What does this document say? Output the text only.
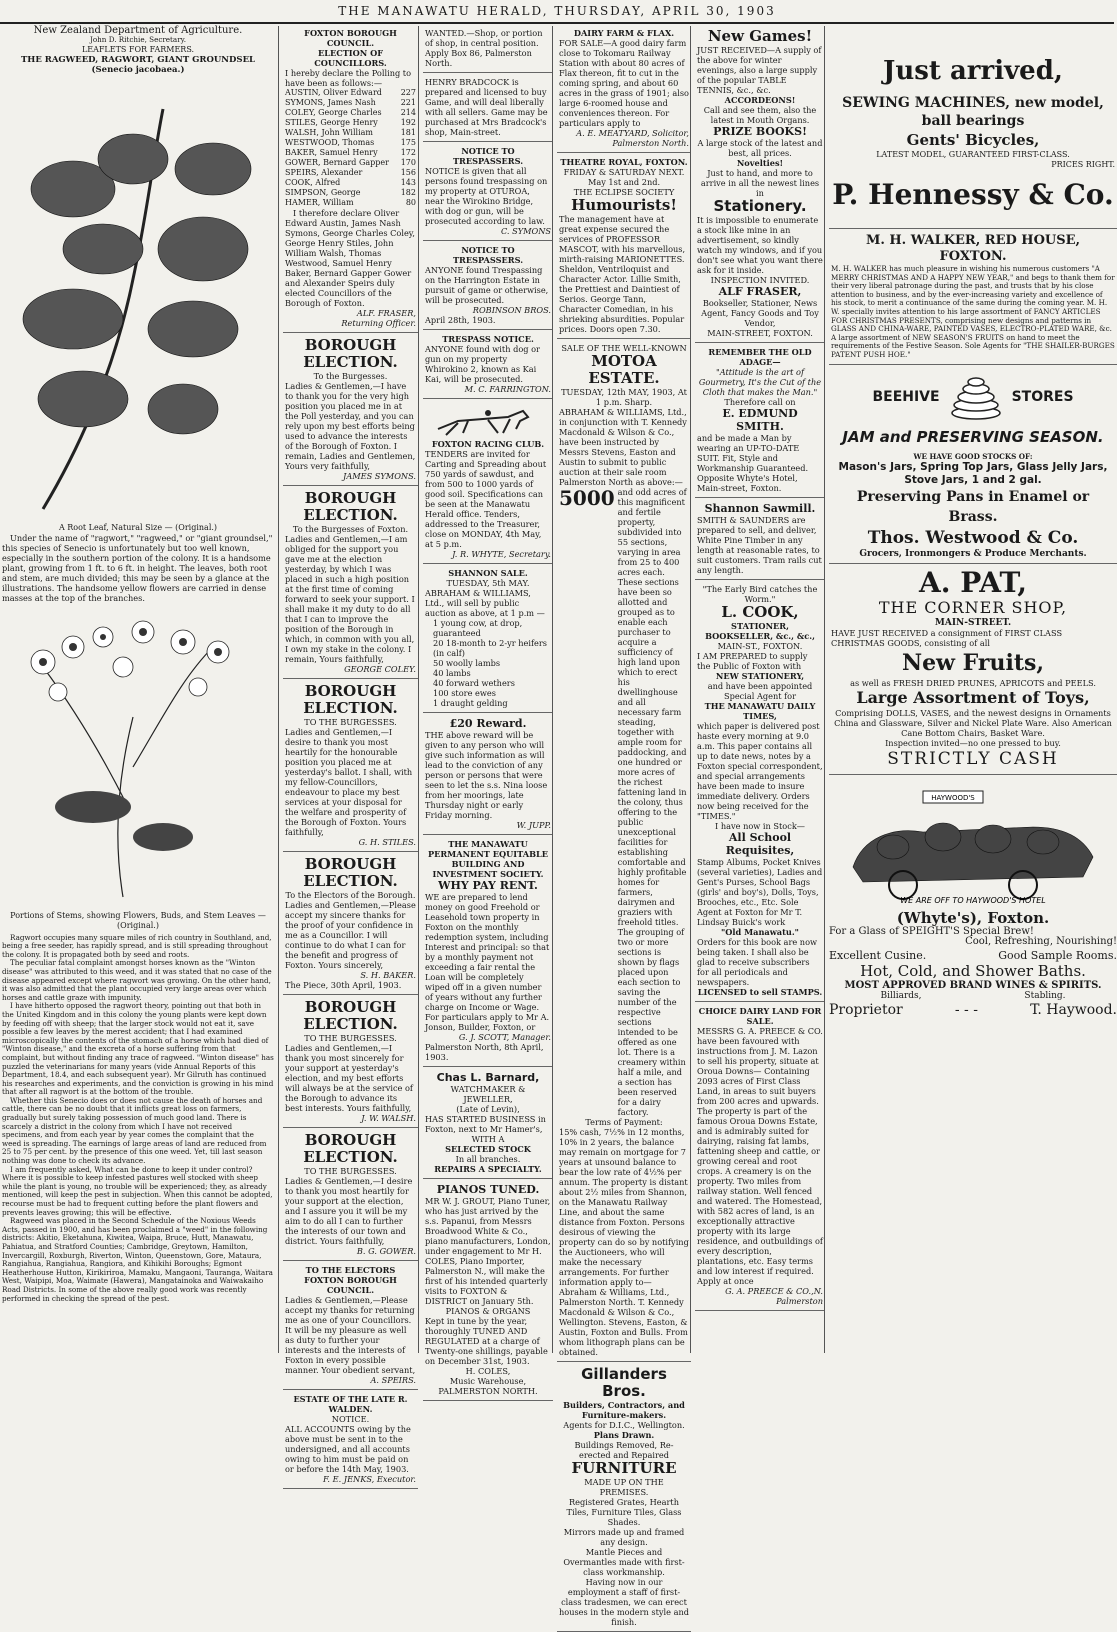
THE MANAWATU HERALD, THURSDAY, APRIL 30, 1903
New Zealand Department of Agriculture.
John D. Ritchie, Secretary.
LEAFLETS FOR FARMERS.
THE RAGWEED, RAGWORT, GIANT GROUNDSEL (Senecio jacobaea.)
A Root Leaf, Natural Size — (Original.)
Under the name of "ragwort," "ragweed," or "giant groundsel," this species of Senecio is unfortunately but too well known, especially in the southern portion of the colony. It is a handsome plant, growing from 1 ft. to 6 ft. in height. The leaves, both root and stem, are much divided; this may be seen by a glance at the illustrations. The handsome yellow flowers are carried in dense masses at the top of the branches.
Portions of Stems, showing Flowers, Buds, and Stem Leaves — (Original.)
Ragwort occupies many square miles of rich country in Southland, and, being a free seeder, has rapidly spread, and is still spreading throughout the colony. It is propagated both by seed and roots.
The peculiar fatal complaint amongst horses known as the "Winton disease" was attributed to this weed, and it was stated that no case of the disease appeared except where ragwort was growing. On the other hand, it was also admitted that the plant occupied very large areas over which horses and cattle graze with impunity.
I have hitherto opposed the ragwort theory, pointing out that both in the United Kingdom and in this colony the young plants were kept down by feeding off with sheep; that the larger stock would not eat it, save possible a few leaves by the merest accident; that I had examined microscopically the contents of the stomach of a horse which had died of "Winton disease," and the excreta of a horse suffering from that complaint, but without finding any trace of ragweed. "Winton disease" has puzzled the veterinarians for many years (vide Annual Reports of this Department, 18.4, and each subsequent year). Mr Gilruth has continued his researches and experiments, and the conviction is growing in his mind that after all ragwort is at the bottom of the trouble.
Whether this Senecio does or does not cause the death of horses and cattle, there can be no doubt that it inflicts great loss on farmers, gradually but surely taking possession of much good land. There is scarcely a district in the colony from which I have not received specimens, and from each year by year comes the complaint that the weed is spreading. The earnings of large areas of land are reduced from 25 to 75 per cent. by the presence of this one weed. Yet, till last season nothing was done to check its advance.
I am frequently asked, What can be done to keep it under control? Where it is possible to keep infested pastures well stocked with sheep while the plant is young, no trouble will be experienced; they, as already mentioned, will keep the pest in subjection. When this cannot be adopted, recourse must be had to frequent cutting before the plant flowers and prevents leaves growing; this will be effective.
Ragweed was placed in the Second Schedule of the Noxious Weeds Acts, passed in 1900, and has been proclaimed a "weed" in the following districts: Akitio, Eketahuna, Kiwitea, Waipa, Bruce, Hutt, Manawatu, Pahiatua, and Stratford Counties; Cambridge, Greytown, Hamilton, Invercargill, Roxburgh, Riverton, Winton, Queenstown, Gore, Mataura, Rangiahua, Rangiahua, Rangiora, and Kihikihi Boroughs; Egmont Heatherhouse Hutton, Kirikiriroa, Mamaku, Mangaoni, Tauranga, Waitara West, Waipipi, Moa, Waimate (Hawera), Mangatainoka and Waiwakaiho Road Districts. In some of the above really good work was recently performed in checking the spread of the pest.
FOXTON BOROUGH COUNCIL.
ELECTION OF COUNCILLORS.
I hereby declare the Polling to have been as follows:—
AUSTIN, Oliver Edward 227
SYMONS, James Nash	221
COLEY, George Charles 214
STILES, George Henry	192
WALSH, John William	181
WESTWOOD, Thomas	175
BAKER, Samuel Henry	172
GOWER, Bernard Gapper 170
SPEIRS, Alexander	156
COOK, Alfred	143
SIMPSON, George	182
HAMER, William	80
I therefore declare Oliver Edward Austin, James Nash Symons, George Charles Coley, George Henry Stiles, John William Walsh, Thomas Westwood, Samuel Henry Baker, Bernard Gapper Gower and Alexander Speirs duly elected Councillors of the Borough of Foxton.
ALF. FRASER,
Returning Officer.
BOROUGH ELECTION.
To the Burgesses.
Ladies & Gentlemen,—I have to thank you for the very high position you placed me in at the Poll yesterday, and you can rely upon my best efforts being used to advance the interests of the Borough of Foxton. I remain, Ladies and Gentlemen, Yours very faithfully,
JAMES SYMONS.
BOROUGH ELECTION.
To the Burgesses of Foxton.
Ladies and Gentlemen,—I am obliged for the support you gave me at the election yesterday, by which I was placed in such a high position at the first time of coming forward to seek your support. I shall make it my duty to do all that I can to improve the position of the Borough in which, in common with you all, I own my stake in the colony. I remain, Yours faithfully,
GEORGE COLEY.
BOROUGH ELECTION.
TO THE BURGESSES.
Ladies and Gentlemen,—I desire to thank you most heartily for the honourable position you placed me at yesterday's ballot. I shall, with my fellow-Councillors, endeavour to place my best services at your disposal for the welfare and prosperity of the Borough of Foxton. Yours faithfully,
G. H. STILES.
BOROUGH ELECTION.
To the Electors of the Borough.
Ladies and Gentlemen,—Please accept my sincere thanks for the proof of your confidence in me as a Councillor. I will continue to do what I can for the benefit and progress of Foxton. Yours sincerely,
S. H. BAKER.
The Piece, 30th April, 1903.
BOROUGH ELECTION.
TO THE BURGESSES.
Ladies and Gentlemen,—I thank you most sincerely for your support at yesterday's election, and my best efforts will always be at the service of the Borough to advance its best interests. Yours faithfully,
J. W. WALSH.
BOROUGH ELECTION.
TO THE BURGESSES.
Ladies & Gentlemen,—I desire to thank you most heartily for your support at the election, and I assure you it will be my aim to do all I can to further the interests of our town and district. Yours faithfully,
B. G. GOWER.
TO THE ELECTORS FOXTON BOROUGH COUNCIL.
Ladies & Gentlemen,—Please accept my thanks for returning me as one of your Councillors. It will be my pleasure as well as duty to further your interests and the interests of Foxton in every possible manner. Your obedient servant,
A. SPEIRS.
ESTATE OF THE LATE R. WALDEN.
NOTICE.
ALL ACCOUNTS owing by the above must be sent in to the undersigned, and all accounts owing to him must be paid on or before the 14th May, 1903.
F. E. JENKS, Executor.
WANTED.—Shop, or portion of shop, in central position. Apply Box 86, Palmerston North.
HENRY BRADCOCK is prepared and licensed to buy Game, and will deal liberally with all sellers. Game may be purchased at Mrs Bradcock's shop, Main-street.
NOTICE TO TRESPASSERS.
NOTICE is given that all persons found trespassing on my property at OTUROA, near the Wirokino Bridge, with dog or gun, will be prosecuted according to law.
C. SYMONS
NOTICE TO TRESPASSERS.
ANYONE found Trespassing on the Harrington Estate in pursuit of game or otherwise, will be prosecuted.
ROBINSON BROS.
April 28th, 1903.
TRESPASS NOTICE.
ANYONE found with dog or gun on my property Whirokino 2, known as Kai Kai, will be prosecuted.
M. C. FARRINGTON.
FOXTON RACING CLUB.
TENDERS are invited for Carting and Spreading about 750 yards of sawdust, and from 500 to 1000 yards of good soil. Specifications can be seen at the Manawatu Herald office. Tenders, addressed to the Treasurer, close on MONDAY, 4th May, at 5 p.m.
J. R. WHYTE, Secretary.
SHANNON SALE.
TUESDAY, 5th MAY.
ABRAHAM & WILLIAMS, Ltd., will sell by public auction as above, at 1 p.m —
1 young cow, at drop, guaranteed
20 18-month to 2-yr heifers (in calf)
50 woolly lambs
40 lambs
40 forward wethers
100 store ewes
1 draught gelding
£20 Reward.
THE above reward will be given to any person who will give such information as will lead to the conviction of any person or persons that were seen to let the s.s. Nina loose from her moorings, late Thursday night or early Friday morning.
W. JUPP.
THE MANAWATU PERMANENT EQUITABLE BUILDING AND INVESTMENT SOCIETY.
WHY PAY RENT.
WE are prepared to lend money on good Freehold or Leasehold town property in Foxton on the monthly redemption system, including Interest and principal: so that by a monthly payment not exceeding a fair rental the Loan will be completely wiped off in a given number of years without any further charge on Income or Wage. For particulars apply to Mr A. Jonson, Builder, Foxton, or
G. J. SCOTT, Manager.
Palmerston North, 8th April, 1903.
Chas L. Barnard,
WATCHMAKER & JEWELLER,
(Late of Levin),
HAS STARTED BUSINESS in Foxton, next to Mr Hamer's,
WITH A
SELECTED STOCK
In all branches.
REPAIRS A SPECIALTY.
PIANOS TUNED.
MR W. J. GROUT, Piano Tuner, who has just arrived by the s.s. Papanui, from Messrs Broadwood White & Co., piano manufacturers, London, under engagement to Mr H. COLES, Piano Importer, Palmerston N., will make the first of his intended quarterly visits to FOXTON & DISTRICT on January 5th.
PIANOS & ORGANS
Kept in tune by the year, thoroughly TUNED AND REGULATED at a charge of Twenty-one shillings, payable on December 31st, 1903.
H. COLES,
Music Warehouse, PALMERSTON NORTH.
DAIRY FARM & FLAX.
FOR SALE—A good dairy farm close to Tokomaru Railway Station with about 80 acres of Flax thereon, fit to cut in the coming spring, and about 60 acres in the grass of 1901; also large 6-roomed house and conveniences thereon. For particulars apply to
A. E. MEATYARD, Solicitor, Palmerston North.
THEATRE ROYAL, FOXTON.
FRIDAY & SATURDAY NEXT. May 1st and 2nd.
THE ECLIPSE SOCIETY
Humourists!
The management have at great expense secured the services of PROFESSOR MASCOT, with his marvellous, mirth-raising MARIONETTES. Sheldon, Ventriloquist and Character Actor. Lillie Smith, the Prettiest and Daintiest of Serios. George Tann, Character Comedian, in his shrieking absurdities. Popular prices. Doors open 7.30.
SALE OF THE WELL-KNOWN
MOTOA ESTATE.
TUESDAY, 12th MAY, 1903, At 1 p.m. Sharp.
ABRAHAM & WILLIAMS, Ltd., in conjunction with T. Kennedy Macdonald & Wilson & Co., have been instructed by Messrs Stevens, Easton and Austin to submit to public auction at their sale room Palmerston North as above:—
5000 and odd acres of this magnificent and fertile property, subdivided into 55 sections, varying in area from 25 to 400 acres each. These sections have been so allotted and grouped as to enable each purchaser to acquire a sufficiency of high land upon which to erect his dwellinghouse and all necessary farm steading, together with ample room for paddocking, and one hundred or more acres of the richest fattening land in the colony, thus offering to the public unexceptional facilities for establishing comfortable and highly profitable homes for farmers, dairymen and graziers with freehold titles. The grouping of two or more sections is shown by flags placed upon each section to saving the number of the respective sections intended to be offered as one lot. There is a creamery within half a mile, and a section has been reserved for a dairy factory.
Terms of Payment:
15% cash, 7½% in 12 months, 10% in 2 years, the balance may remain on mortgage for 7 years at unsound balance to bear the low rate of 4½% per annum. The property is distant about 2½ miles from Shannon, on the Manawatu Railway Line, and about the same distance from Foxton. Persons desirous of viewing the property can do so by notifying the Auctioneers, who will make the necessary arrangements. For further information apply to—
Abraham & Williams, Ltd., Palmerston North. T. Kennedy Macdonald & Wilson & Co., Wellington. Stevens, Easton, & Austin, Foxton and Bulls. From whom lithograph plans can be obtained.
Gillanders Bros.
Builders, Contractors, and Furniture-makers.
Agents for D.I.C., Wellington.
Plans Drawn.
Buildings Removed, Re-erected and Repaired
FURNITURE
MADE UP ON THE PREMISES.
Registered Grates, Hearth Tiles, Furniture Tiles, Glass Shades.
Mirrors made up and framed any design.
Mantle Pieces and Overmantles made with first-class workmanship.
Having now in our employment a staff of first-class tradesmen, we can erect houses in the modern style and finish.
New Games!
JUST RECEIVED—A supply of the above for winter evenings, also a large supply of the popular TABLE TENNIS, &c., &c.
ACCORDEONS!
Call and see them, also the latest in Mouth Organs.
PRIZE BOOKS!
A large stock of the latest and best, all prices.
Novelties!
Just to hand, and more to arrive in all the newest lines in
Stationery.
It is impossible to enumerate a stock like mine in an advertisement, so kindly watch my windows, and if you don't see what you want there ask for it inside.
INSPECTION INVITED.
ALF FRASER,
Bookseller, Stationer, News Agent, Fancy Goods and Toy Vendor,
MAIN-STREET, FOXTON.
REMEMBER THE OLD ADAGE—
"Attitude is the art of Gourmetry, It's the Cut of the Cloth that makes the Man."
Therefore call on
E. EDMUND SMITH.
and be made a Man by wearing an UP-TO-DATE SUIT. Fit, Style and Workmanship Guaranteed. Opposite Whyte's Hotel, Main-street, Foxton.
Shannon Sawmill.
SMITH & SAUNDERS are prepared to sell, and deliver, White Pine Timber in any length at reasonable rates, to suit customers. Tram rails cut any length.
"The Early Bird catches the Worm."
L. COOK,
STATIONER, BOOKSELLER, &c., &c.,
MAIN-ST., FOXTON.
I AM PREPARED to supply the Public of Foxton with
NEW STATIONERY,
and have been appointed Special Agent for
THE MANAWATU DAILY TIMES,
which paper is delivered post haste every morning at 9.0 a.m. This paper contains all up to date news, notes by a Foxton special correspondent, and special arrangements have been made to insure immediate delivery. Orders now being received for the "TIMES."
I have now in Stock—
All School Requisites,
Stamp Albums, Pocket Knives (several varieties), Ladies and Gent's Purses, School Bags (girls' and boy's), Dolls, Toys, Brooches, etc., Etc. Sole Agent at Foxton for Mr T. Lindsay Buick's work
"Old Manawatu."
Orders for this book are now being taken. I shall also be glad to receive subscribers for all periodicals and newspapers.
LICENSED to sell STAMPS.
CHOICE DAIRY LAND FOR SALE.
MESSRS G. A. PREECE & CO. have been favoured with instructions from J. M. Lazon to sell his property, situate at Oroua Downs— Containing 2093 acres of First Class Land, in areas to suit buyers from 200 acres and upwards. The property is part of the famous Oroua Downs Estate, and is admirably suited for dairying, raising fat lambs, fattening sheep and cattle, or growing cereal and root crops. A creamery is on the property. Two miles from railway station. Well fenced and watered. The Homestead, with 582 acres of land, is an exceptionally attractive property with its large residence, and outbuildings of every description, plantations, etc. Easy terms and low interest if required. Apply at once
G. A. PREECE & CO.,N. Palmerston
Just arrived,
SEWING MACHINES, new model, ball bearings
Gents' Bicycles,
LATEST MODEL, GUARANTEED FIRST-CLASS.
PRICES RIGHT.
P. Hennessy & Co.
M. H. WALKER, RED HOUSE, FOXTON.
M. H. WALKER has much pleasure in wishing his numerous customers "A MERRY CHRISTMAS AND A HAPPY NEW YEAR," and begs to thank them for their very liberal patronage during the past, and trusts that by his close attention to business, and by the ever-increasing variety and excellence of his stock, to merit a continuance of the same during the coming year. M. H. W. specially invites attention to his large assortment of FANCY ARTICLES FOR CHRISTMAS PRESENTS, comprising new designs and patterns in GLASS AND CHINA-WARE, PAINTED VASES, ELECTRO-PLATED WARE, &c. A large assortment of NEW SEASON'S FRUITS on hand to meet the requirements of the Festive Season. Sole Agents for "THE SHAILER-BURGES PATENT PUSH HOE."
BEEHIVE	STORES
JAM and PRESERVING SEASON.
WE HAVE GOOD STOCKS OF:
Mason's Jars, Spring Top Jars, Glass Jelly Jars, Stove Jars, 1 and 2 gal.
Preserving Pans in Enamel or Brass.
Thos. Westwood & Co.
Grocers, Ironmongers & Produce Merchants.
A. PAT,
THE CORNER SHOP,
MAIN-STREET.
HAVE JUST RECEIVED a consignment of FIRST CLASS CHRISTMAS GOODS, consisting of all
New Fruits,
as well as FRESH DRIED PRUNES, APRICOTS and PEELS.
Large Assortment of Toys,
Comprising DOLLS, VASES, and the newest designs in Ornaments China and Glassware, Silver and Nickel Plate Ware. Also American Cane Bottom Chairs, Basket Ware.
Inspection invited—no one pressed to buy.
STRICTLY CASH
HAYWOOD'S
WE ARE OFF TO HAYWOOD'S HOTEL
(Whyte's), Foxton.
For a Glass of SPEIGHT'S Special Brew!
Cool, Refreshing, Nourishing!
Excellent Cusine.	Good Sample Rooms.
Hot, Cold, and Shower Baths.
MOST APPROVED BRAND WINES & SPIRITS.
Billiards,	Stabling.
Proprietor	- - -	T. Haywood.
